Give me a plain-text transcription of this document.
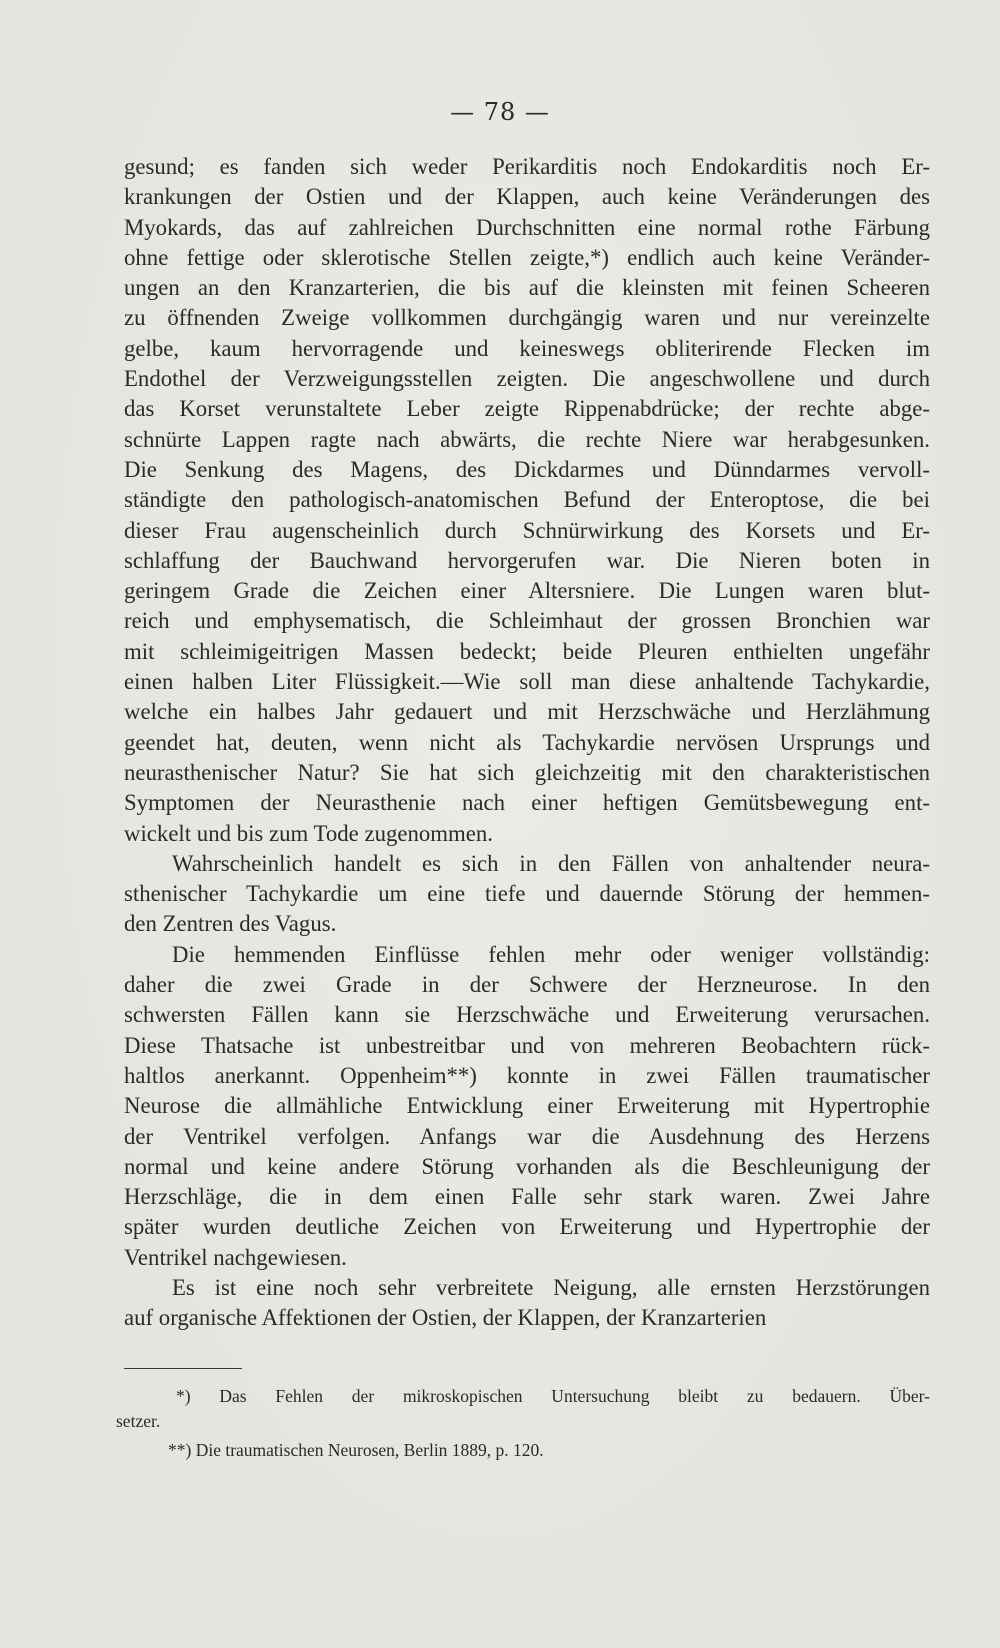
— 78 —

gesund; es fanden sich weder Perikarditis noch Endokarditis noch Er-
krankungen der Ostien und der Klappen, auch keine Veränderungen des
Myokards, das auf zahlreichen Durchschnitten eine normal rothe Färbung
ohne fettige oder sklerotische Stellen zeigte,*) endlich auch keine Veränder-
ungen an den Kranzarterien, die bis auf die kleinsten mit feinen Scheeren
zu öffnenden Zweige vollkommen durchgängig waren und nur vereinzelte
gelbe, kaum hervorragende und keineswegs obliterirende Flecken im
Endothel der Verzweigungsstellen zeigten. Die angeschwollene und durch
das Korset verunstaltete Leber zeigte Rippenabdrücke; der rechte abge-
schnürte Lappen ragte nach abwärts, die rechte Niere war herabgesunken.
Die Senkung des Magens, des Dickdarmes und Dünndarmes vervoll-
ständigte den pathologisch-anatomischen Befund der Enteroptose, die bei
dieser Frau augenscheinlich durch Schnürwirkung des Korsets und Er-
schlaffung der Bauchwand hervorgerufen war. Die Nieren boten in
geringem Grade die Zeichen einer Altersniere. Die Lungen waren blut-
reich und emphysematisch, die Schleimhaut der grossen Bronchien war
mit schleimigeitrigen Massen bedeckt; beide Pleuren enthielten ungefähr
einen halben Liter Flüssigkeit.—Wie soll man diese anhaltende Tachykardie,
welche ein halbes Jahr gedauert und mit Herzschwäche und Herzlähmung
geendet hat, deuten, wenn nicht als Tachykardie nervösen Ursprungs und
neurasthenischer Natur? Sie hat sich gleichzeitig mit den charakteristischen
Symptomen der Neurasthenie nach einer heftigen Gemütsbewegung ent-
wickelt und bis zum Tode zugenommen.

Wahrscheinlich handelt es sich in den Fällen von anhaltender neura-
sthenischer Tachykardie um eine tiefe und dauernde Störung der hemmen-
den Zentren des Vagus.

Die hemmenden Einflüsse fehlen mehr oder weniger vollständig:
daher die zwei Grade in der Schwere der Herzneurose. In den
schwersten Fällen kann sie Herzschwäche und Erweiterung verursachen.
Diese Thatsache ist unbestreitbar und von mehreren Beobachtern rück-
haltlos anerkannt. Oppenheim**) konnte in zwei Fällen traumatischer
Neurose die allmähliche Entwicklung einer Erweiterung mit Hypertrophie
der Ventrikel verfolgen. Anfangs war die Ausdehnung des Herzens
normal und keine andere Störung vorhanden als die Beschleunigung der
Herzschläge, die in dem einen Falle sehr stark waren. Zwei Jahre
später wurden deutliche Zeichen von Erweiterung und Hypertrophie der
Ventrikel nachgewiesen.

Es ist eine noch sehr verbreitete Neigung, alle ernsten Herzstörungen
auf organische Affektionen der Ostien, der Klappen, der Kranzarterien

*) Das Fehlen der mikroskopischen Untersuchung bleibt zu bedauern. Über-
setzer.

**) Die traumatischen Neurosen, Berlin 1889, p. 120.
